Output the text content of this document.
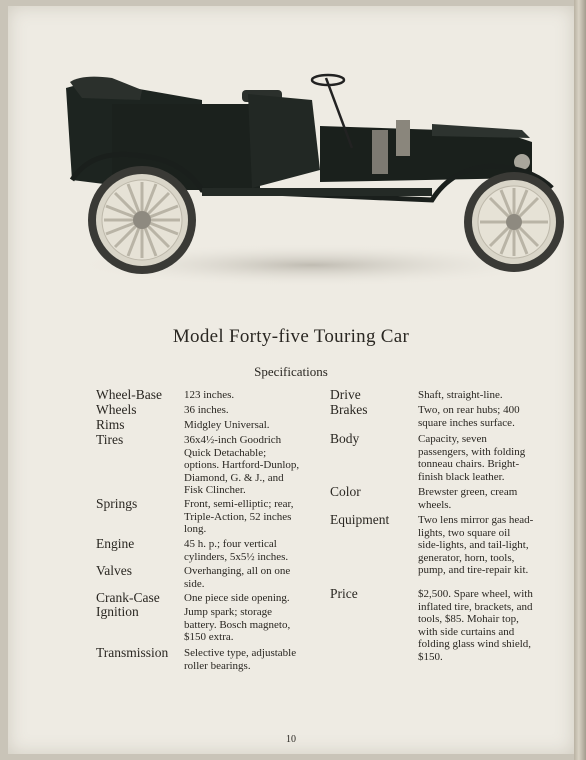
Model Forty-five Touring Car
Specifications
Wheel-Base 123 inches.
Wheels	36 inches.
Rims	Midgley Universal.
Tires	36x4½-inch Goodrich Quick Detachable; options. Hartford-Dunlop, Diamond, G. & J., and Fisk Clincher.
Springs	Front, semi-elliptic; rear, Triple-Action, 52 inches long.
Engine	45 h. p.; four vertical cylinders, 5x5½ inches.
Valves	Overhanging, all on one side.
Crank-Case One piece side opening.
Ignition	Jump spark; storage battery. Bosch magneto, $150 extra.
Transmission Selective type, adjustable roller bearings.
Drive	Shaft, straight-line.
Brakes	Two, on rear hubs; 400 square inches surface.
Body	Capacity, seven passengers, with folding tonneau chairs. Bright-finish black leather.
Color	Brewster green, cream wheels.
Equipment	Two lens mirror gas head-lights, two square oil side-lights, and tail-light, generator, horn, tools, pump, and tire-repair kit.
Price	$2,500. Spare wheel, with inflated tire, brackets, and tools, $85. Mohair top, with side curtains and folding glass wind shield, $150.
10
